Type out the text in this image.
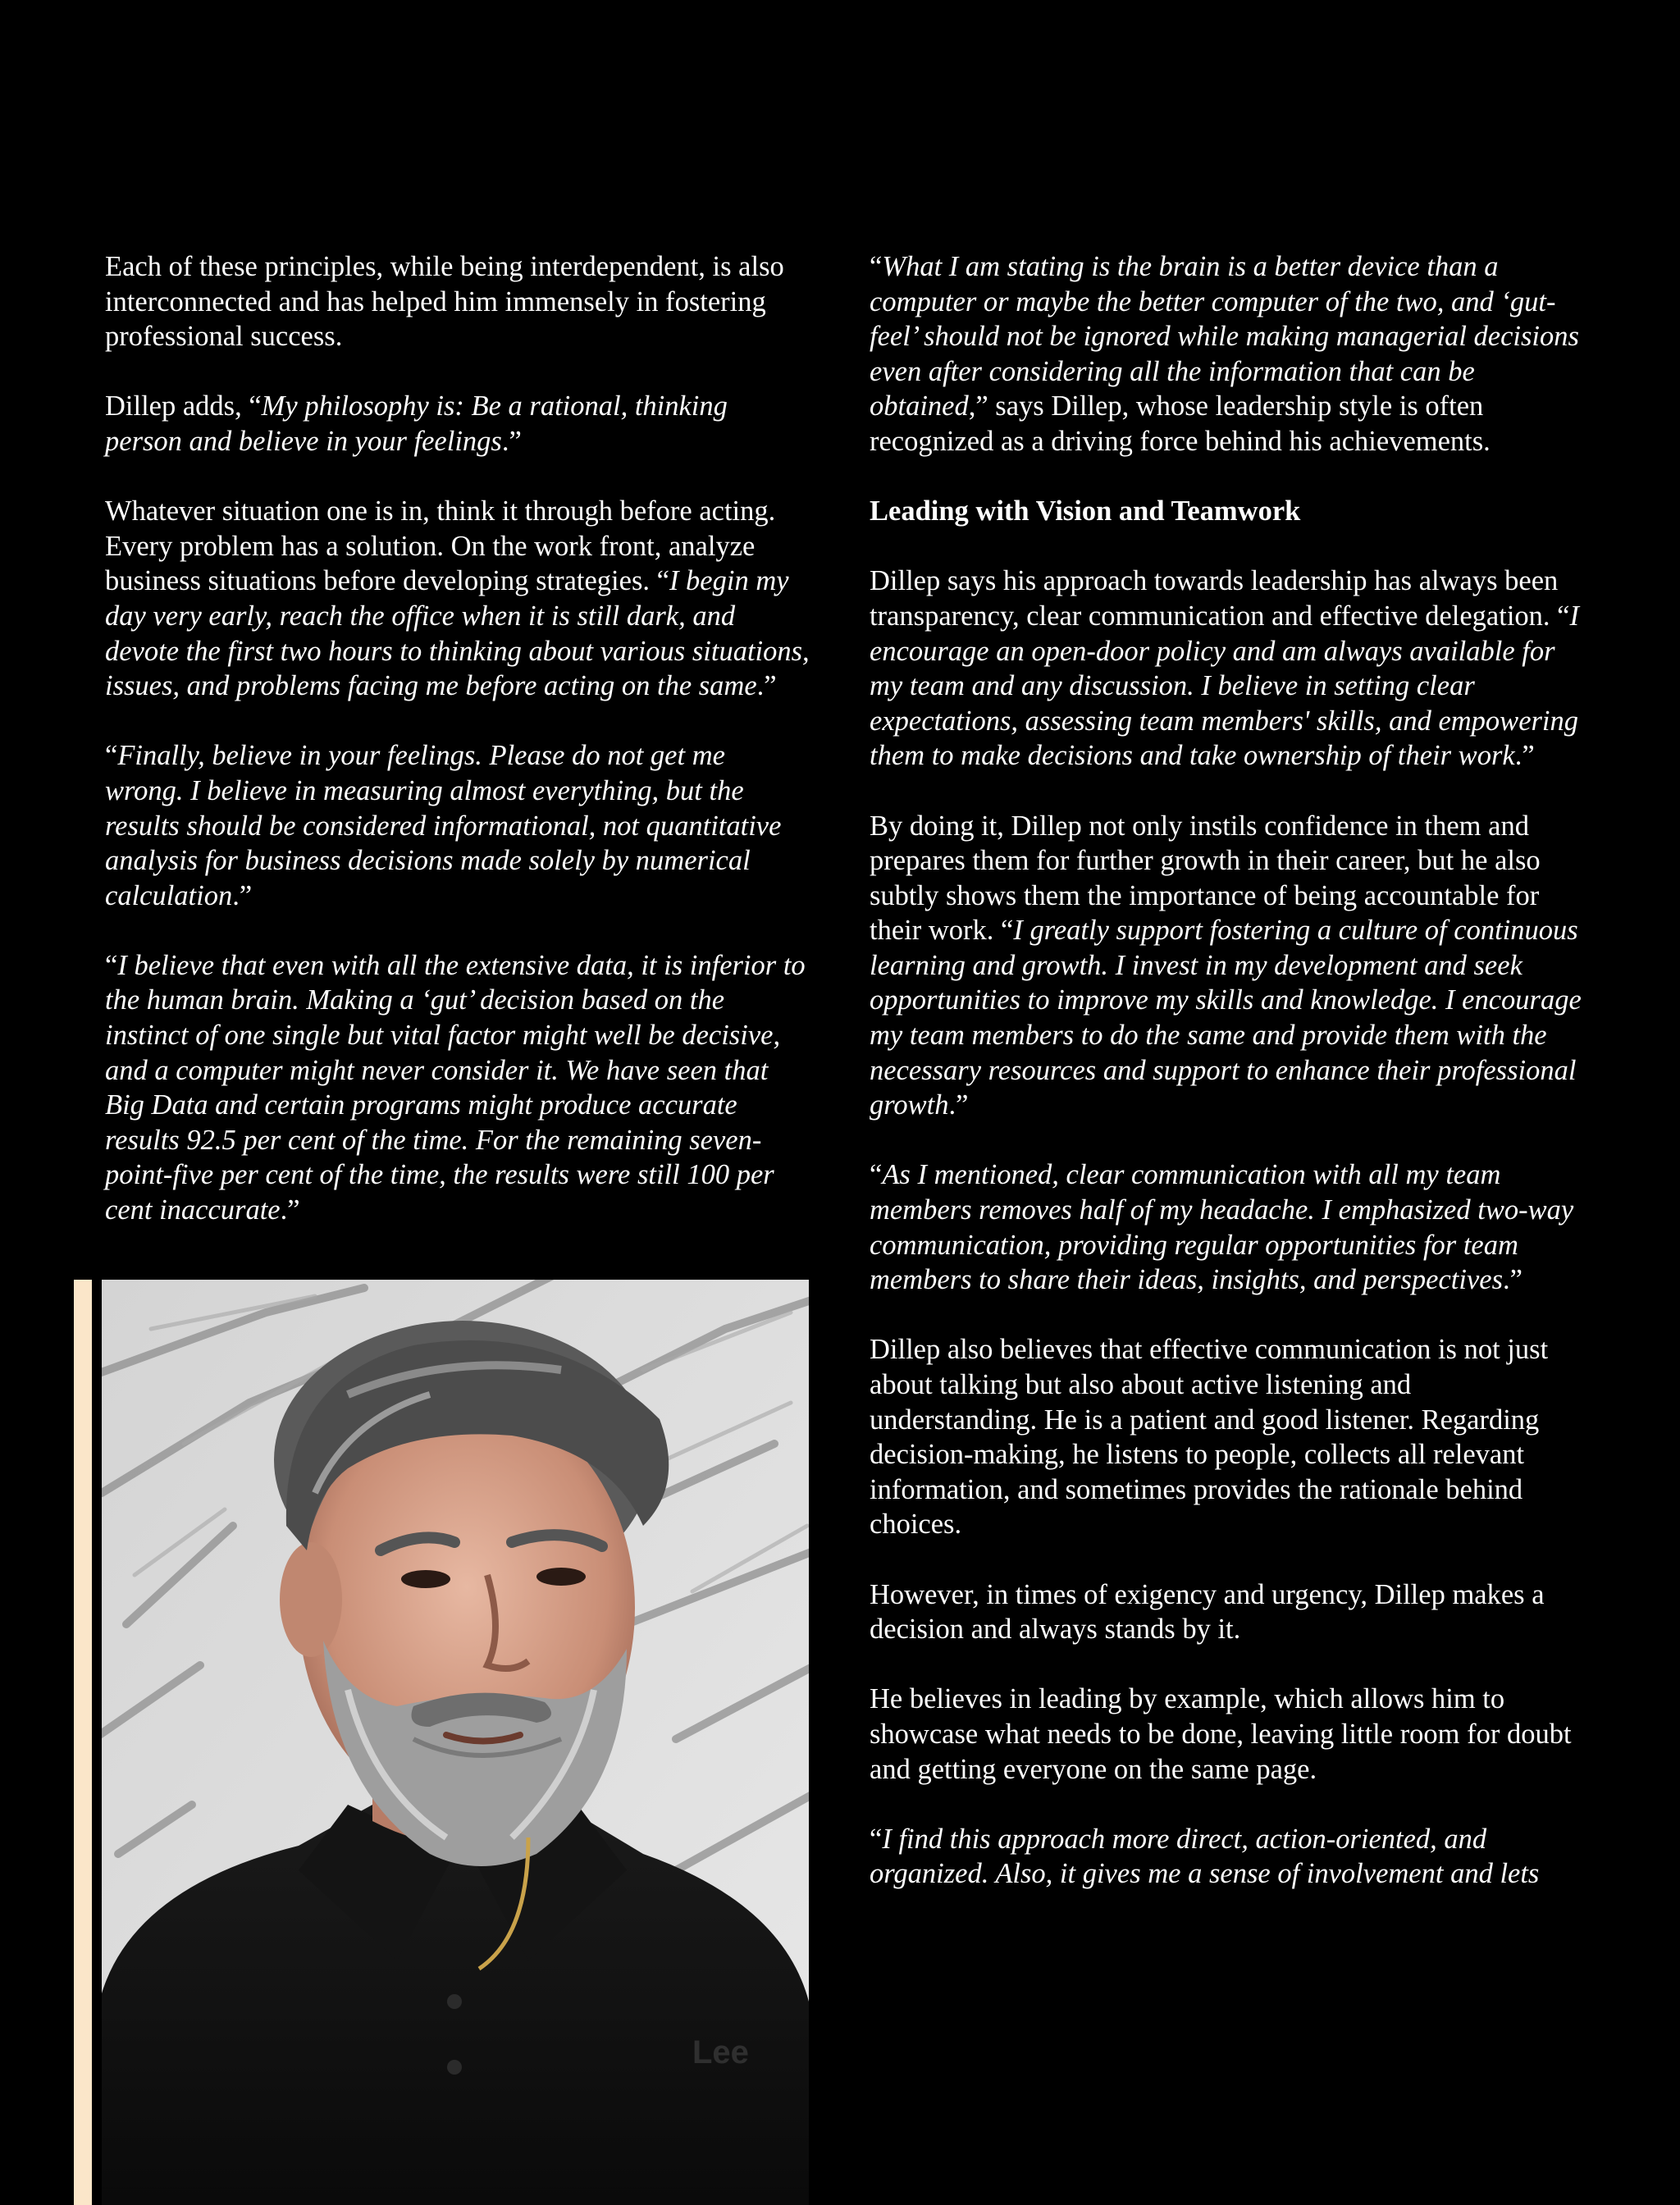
Each of these principles, while being interdependent, is also interconnected and has helped him immensely in fostering professional success.

Dillep adds, “My philosophy is: Be a rational, thinking person and believe in your feelings.”

Whatever situation one is in, think it through before acting. Every problem has a solution. On the work front, analyze business situations before developing strategies. “I begin my day very early, reach the office when it is still dark, and devote the first two hours to thinking about various situations, issues, and problems facing me before acting on the same.”

“Finally, believe in your feelings. Please do not get me wrong. I believe in measuring almost everything, but the results should be considered informational, not quantitative analysis for business decisions made solely by numerical calculation.”

“I believe that even with all the extensive data, it is inferior to the human brain. Making a ‘gut’ decision based on the instinct of one single but vital factor might well be decisive, and a computer might never consider it. We have seen that Big Data and certain programs might produce accurate results 92.5 per cent of the time. For the remaining seven-point-five per cent of the time, the results were still 100 per cent inaccurate.”

Lee

“What I am stating is the brain is a better device than a computer or maybe the better computer of the two, and ‘gut-feel’ should not be ignored while making managerial decisions even after considering all the information that can be obtained,” says Dillep, whose leadership style is often recognized as a driving force behind his achievements.

Leading with Vision and Teamwork

Dillep says his approach towards leadership has always been transparency, clear communication and effective delegation. “I encourage an open-door policy and am always available for my team and any discussion. I believe in setting clear expectations, assessing team members' skills, and empowering them to make decisions and take ownership of their work.”

By doing it, Dillep not only instils confidence in them and prepares them for further growth in their career, but he also subtly shows them the importance of being accountable for their work. “I greatly support fostering a culture of continuous learning and growth. I invest in my development and seek opportunities to improve my skills and knowledge. I encourage my team members to do the same and provide them with the necessary resources and support to enhance their professional growth.”

“As I mentioned, clear communication with all my team members removes half of my headache. I emphasized two-way communication, providing regular opportunities for team members to share their ideas, insights, and perspectives.”

Dillep also believes that effective communication is not just about talking but also about active listening and understanding. He is a patient and good listener. Regarding decision-making, he listens to people, collects all relevant information, and sometimes provides the rationale behind choices.

However, in times of exigency and urgency, Dillep makes a decision and always stands by it.

He believes in leading by example, which allows him to showcase what needs to be done, leaving little room for doubt and getting everyone on the same page.

“I find this approach more direct, action-oriented, and organized. Also, it gives me a sense of involvement and lets
